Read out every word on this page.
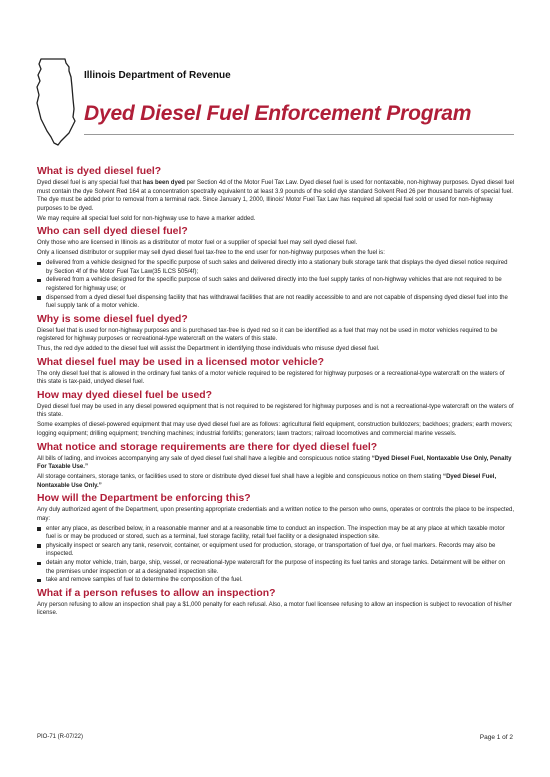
Illinois Department of Revenue
Dyed Diesel Fuel Enforcement Program
What is dyed diesel fuel?

Dyed diesel fuel is any special fuel that has been dyed per Section 4d of the Motor Fuel Tax Law. Dyed diesel fuel is used for nontaxable, non-highway purposes. Dyed diesel fuel must contain the dye Solvent Red 164 at a concentration spectrally equivalent to at least 3.9 pounds of the solid dye standard Solvent Red 26 per thousand barrels of special fuel. The dye must be added prior to removal from a terminal rack. Since January 1, 2000, Illinois' Motor Fuel Tax Law has required all special fuel sold or used for non-highway purposes to be dyed.

We may require all special fuel sold for non-highway use to have a marker added.

Who can sell dyed diesel fuel?

Only those who are licensed in Illinois as a distributor of motor fuel or a supplier of special fuel may sell dyed diesel fuel.

Only a licensed distributor or supplier may sell dyed diesel fuel tax-free to the end user for non-highway purposes when the fuel is:

delivered from a vehicle designed for the specific purpose of such sales and delivered directly into a stationary bulk storage tank that displays the dyed diesel notice required by Section 4f of the Motor Fuel Tax Law(35 ILCS 505/4f);
delivered from a vehicle designed for the specific purpose of such sales and delivered directly into the fuel supply tanks of non-highway vehicles that are not required to be registered for highway use; or
dispensed from a dyed diesel fuel dispensing facility that has withdrawal facilities that are not readily accessible to and are not capable of dispensing dyed diesel fuel into the fuel supply tank of a motor vehicle.
Why is some diesel fuel dyed?

Diesel fuel that is used for non-highway purposes and is purchased tax-free is dyed red so it can be identified as a fuel that may not be used in motor vehicles required to be registered for highway purposes or recreational-type watercraft on the waters of this state.

Thus, the red dye added to the diesel fuel will assist the Department in identifying those individuals who misuse dyed diesel fuel.

What diesel fuel may be used in a licensed motor vehicle?

The only diesel fuel that is allowed in the ordinary fuel tanks of a motor vehicle required to be registered for highway purposes or a recreational-type watercraft on the waters of this state is tax-paid, undyed diesel fuel.

How may dyed diesel fuel be used?

Dyed diesel fuel may be used in any diesel powered equipment that is not required to be registered for highway purposes and is not a recreational-type watercraft on the waters of this state.

Some examples of diesel-powered equipment that may use dyed diesel fuel are as follows: agricultural field equipment, construction bulldozers; backhoes; graders; earth movers; logging equipment; drilling equipment; trenching machines; industrial forklifts; generators; lawn tractors; railroad locomotives and commercial marine vessels.

What notice and storage requirements are there for dyed diesel fuel?

All bills of lading, and invoices accompanying any sale of dyed diesel fuel shall have a legible and conspicuous notice stating “Dyed Diesel Fuel, Nontaxable Use Only, Penalty For Taxable Use.”

All storage containers, storage tanks, or facilities used to store or distribute dyed diesel fuel shall have a legible and conspicuous notice on them stating “Dyed Diesel Fuel, Nontaxable Use Only.”

How will the Department be enforcing this?

Any duly authorized agent of the Department, upon presenting appropriate credentials and a written notice to the person who owns, operates or controls the place to be inspected, may:

enter any place, as described below, in a reasonable manner and at a reasonable time to conduct an inspection. The inspection may be at any place at which taxable motor fuel is or may be produced or stored, such as a terminal, fuel storage facility, retail fuel facility or a designated inspection site.
physically inspect or search any tank, reservoir, container, or equipment used for production, storage, or transportation of fuel dye, or fuel markers. Records may also be inspected.
detain any motor vehicle, train, barge, ship, vessel, or recreational-type watercraft for the purpose of inspecting its fuel tanks and storage tanks. Detainment will be either on the premises under inspection or at a designated inspection site.
take and remove samples of fuel to determine the composition of the fuel.
What if a person refuses to allow an inspection?

Any person refusing to allow an inspection shall pay a $1,000 penalty for each refusal. Also, a motor fuel licensee refusing to allow an inspection is subject to revocation of his/her license.

PIO-71 (R-07/22)	Page 1 of 2
